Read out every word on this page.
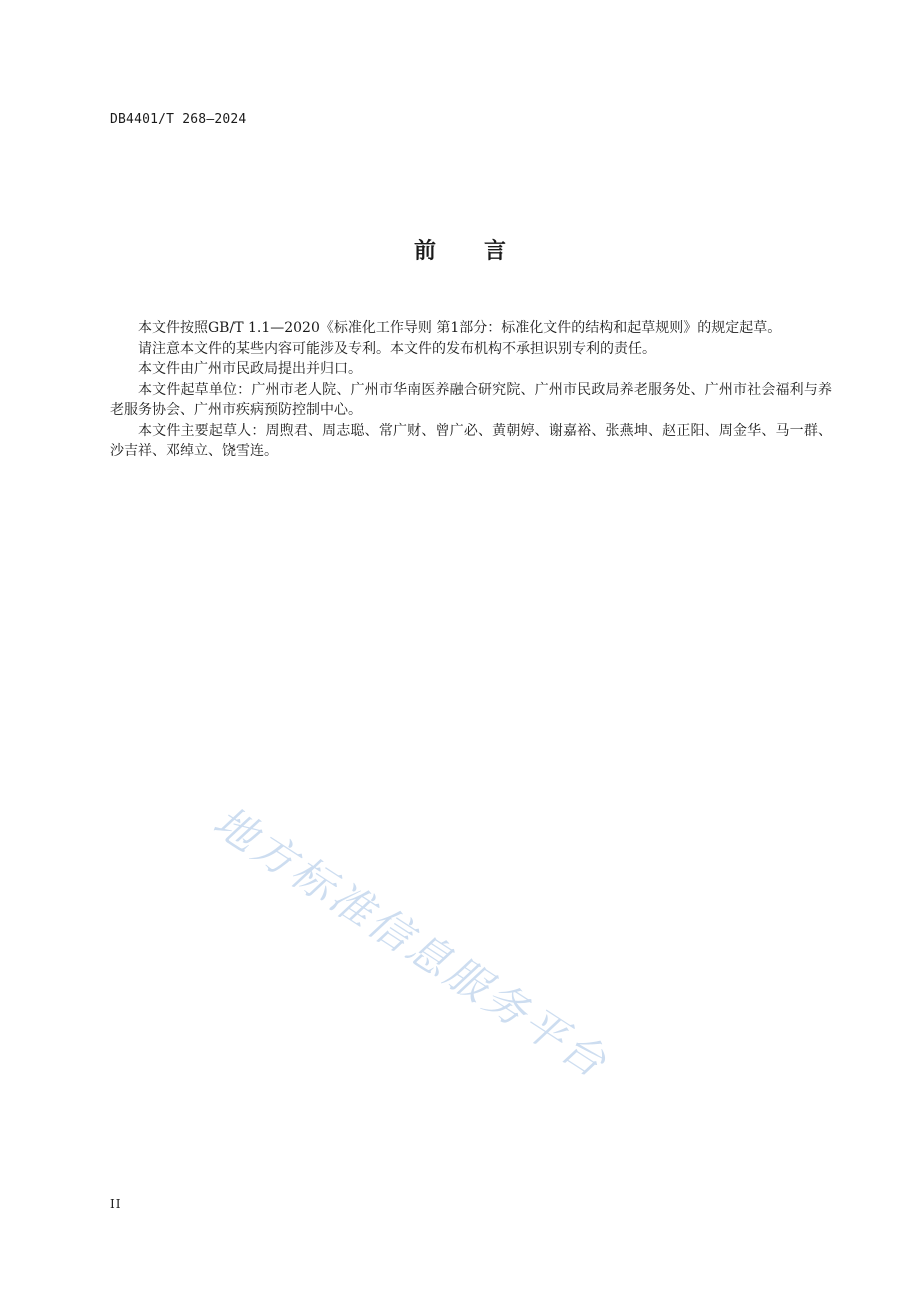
DB4401/T 268—2024
前言

本文件按照GB/T 1.1—2020《标准化工作导则 第1部分：标准化文件的结构和起草规则》的规定起草。

请注意本文件的某些内容可能涉及专利。本文件的发布机构不承担识别专利的责任。

本文件由广州市民政局提出并归口。

本文件起草单位：广州市老人院、广州市华南医养融合研究院、广州市民政局养老服务处、广州市社会福利与养老服务协会、广州市疾病预防控制中心。

本文件主要起草人：周煦君、周志聪、常广财、曾广必、黄朝婷、谢嘉裕、张燕坤、赵正阳、周金华、马一群、沙吉祥、邓绰立、饶雪连。

地方标准信息服务平台
II
